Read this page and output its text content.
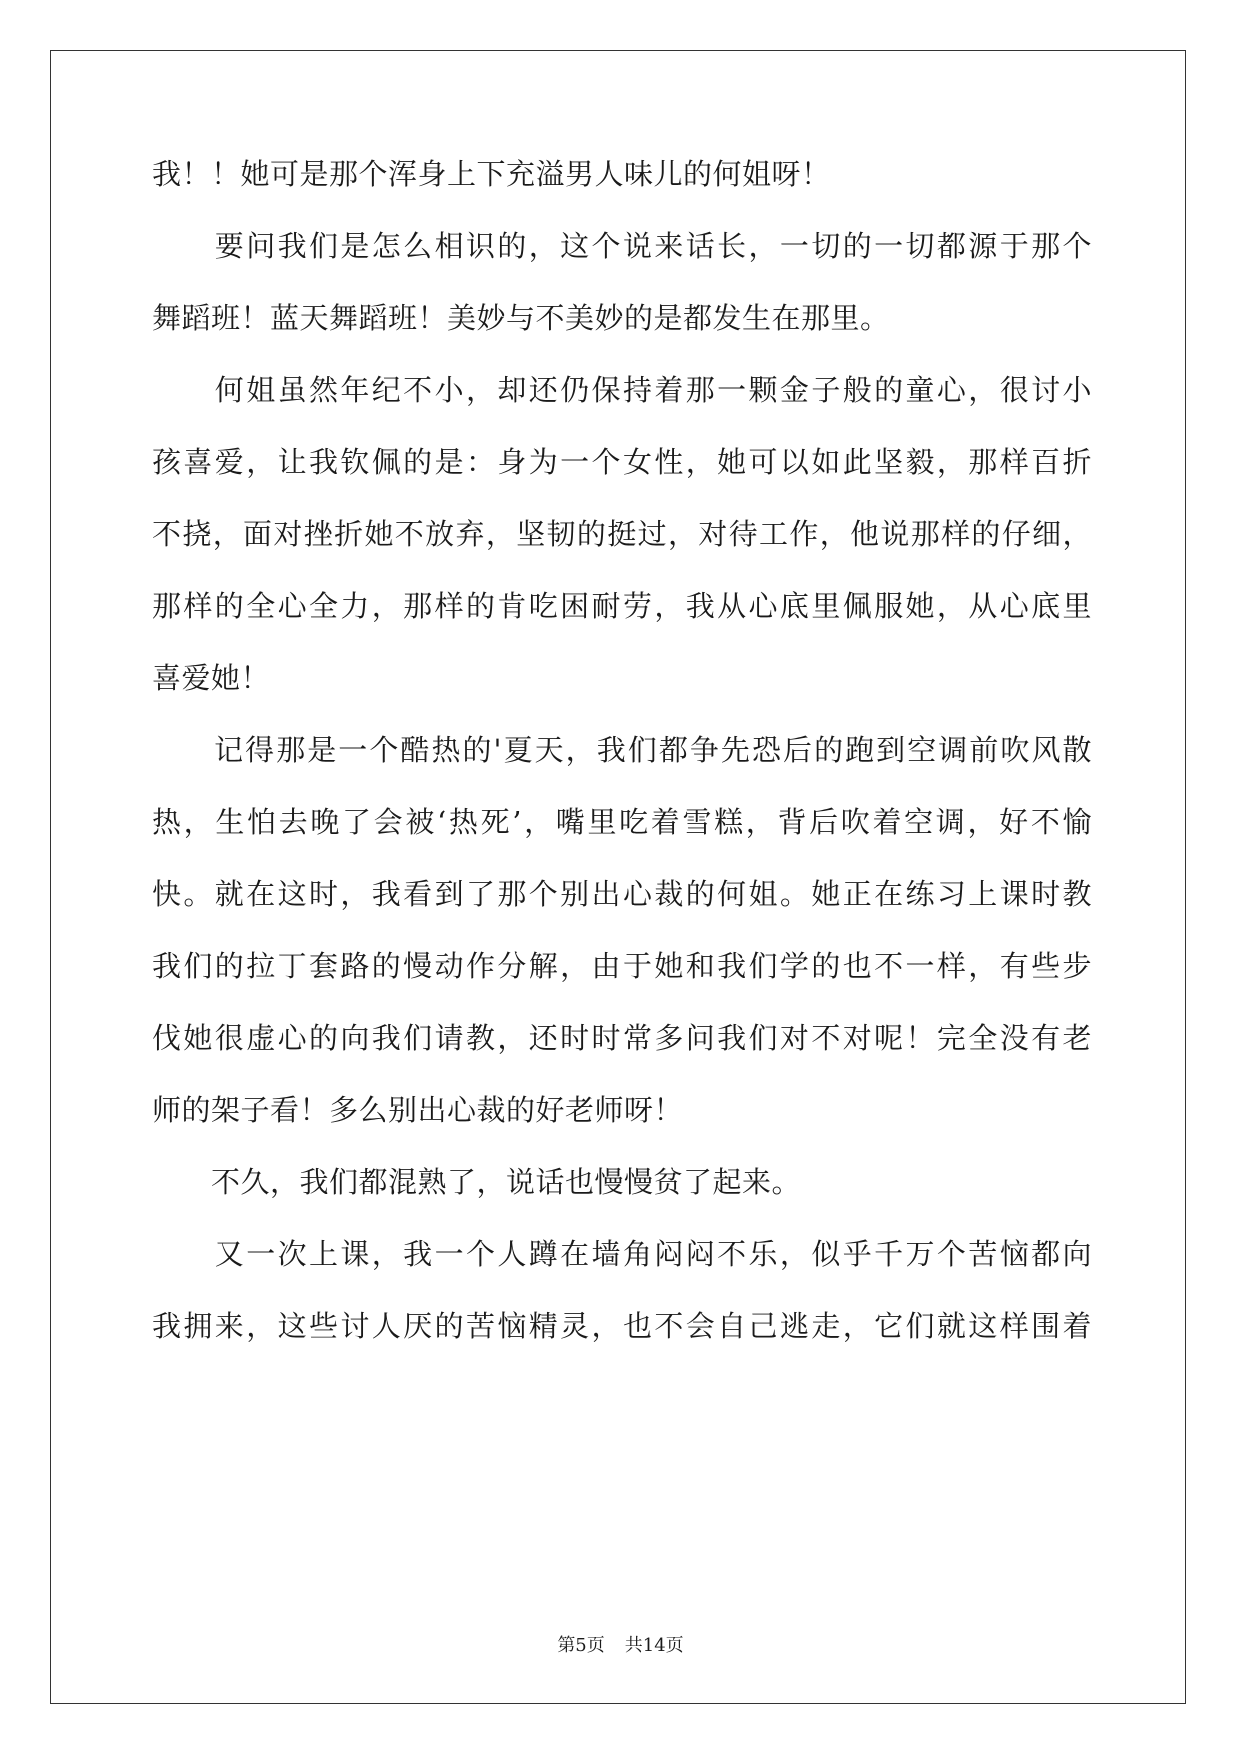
我！！她可是那个浑身上下充溢男人味儿的何姐呀！
　　要问我们是怎么相识的，这个说来话长，一切的一切都源于那个
舞蹈班！蓝天舞蹈班！美妙与不美妙的是都发生在那里。
　　何姐虽然年纪不小，却还仍保持着那一颗金子般的童心，很讨小
孩喜爱，让我钦佩的是：身为一个女性，她可以如此坚毅，那样百折
不挠，面对挫折她不放弃，坚韧的挺过，对待工作，他说那样的仔细，
那样的全心全力，那样的肯吃困耐劳，我从心底里佩服她，从心底里
喜爱她！
　　记得那是一个酷热的'夏天，我们都争先恐后的跑到空调前吹风散
热，生怕去晚了会被‘热死’，嘴里吃着雪糕，背后吹着空调，好不愉
快。就在这时，我看到了那个别出心裁的何姐。她正在练习上课时教
我们的拉丁套路的慢动作分解，由于她和我们学的也不一样，有些步
伐她很虚心的向我们请教，还时时常多问我们对不对呢！完全没有老
师的架子看！多么别出心裁的好老师呀！
　　不久，我们都混熟了，说话也慢慢贫了起来。
　　又一次上课，我一个人蹲在墙角闷闷不乐，似乎千万个苦恼都向
我拥来，这些讨人厌的苦恼精灵，也不会自己逃走，它们就这样围着
第5页 共14页
